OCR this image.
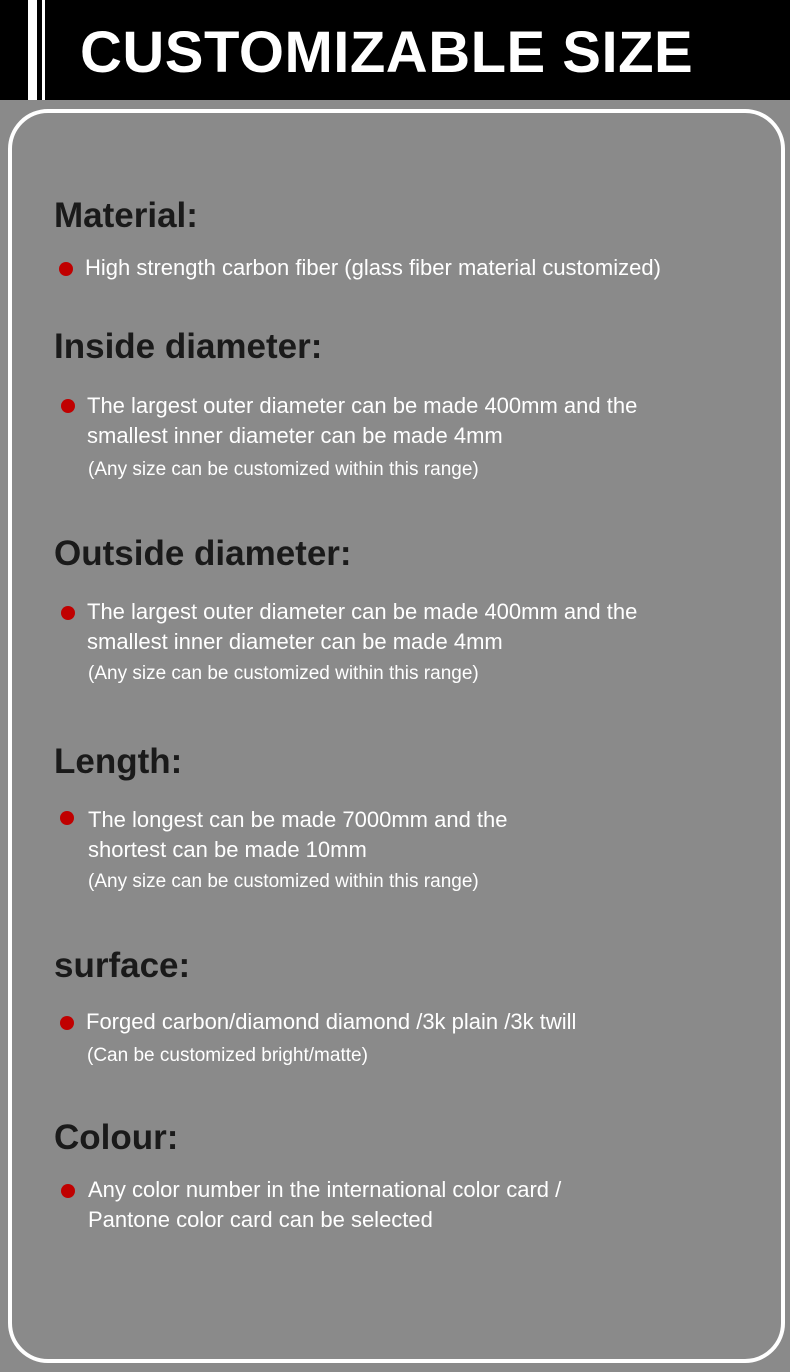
CUSTOMIZABLE SIZE
Material:
High strength carbon fiber (glass fiber material customized)
Inside diameter:
The largest outer diameter can be made 400mm and the
smallest inner diameter can be made 4mm
(Any size can be customized within this range)
Outside diameter:
The largest outer diameter can be made 400mm and the
smallest inner diameter can be made 4mm
(Any size can be customized within this range)
Length:
The longest can be made 7000mm and the
shortest can be made 10mm
(Any size can be customized within this range)
surface:
Forged carbon/diamond diamond /3k plain /3k twill
(Can be customized bright/matte)
Colour:
Any color number in the international color card /
Pantone color card can be selected
